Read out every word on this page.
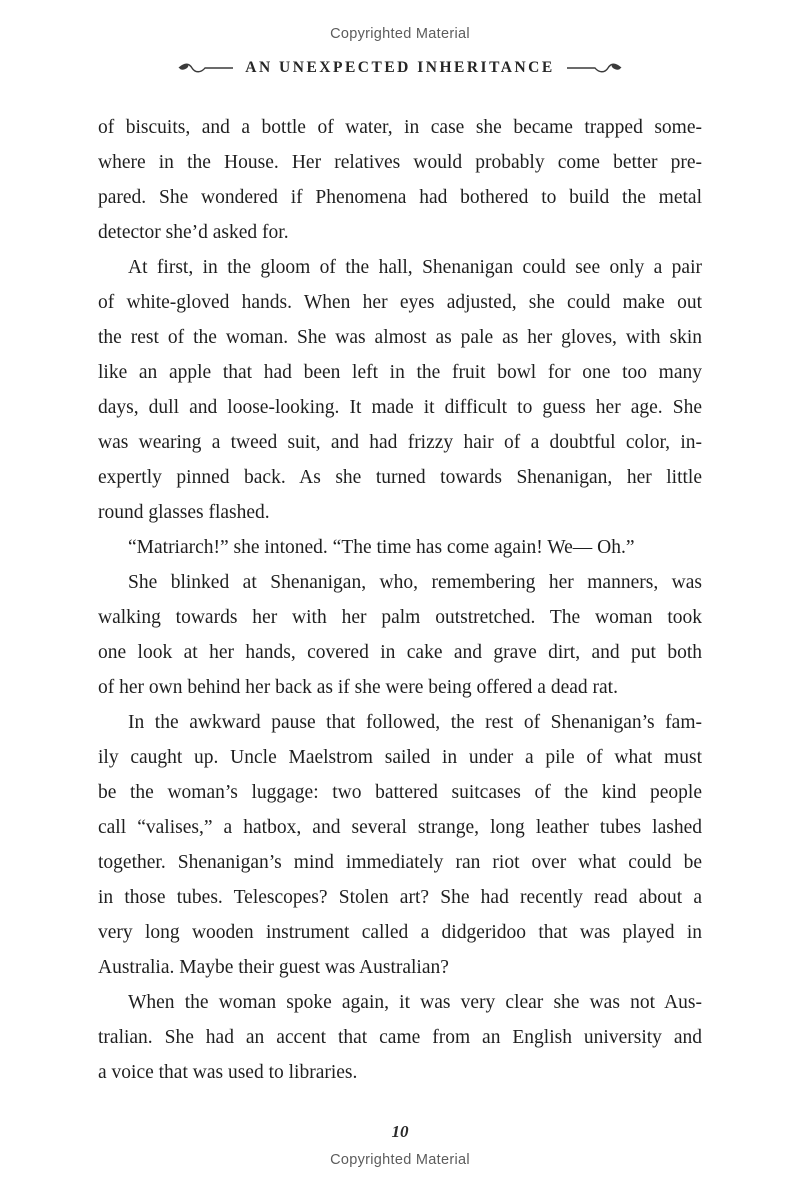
Copyrighted Material
AN UNEXPECTED INHERITANCE
of biscuits, and a bottle of water, in case she became trapped some-
where in the House. Her relatives would probably come better pre-
pared. She wondered if Phenomena had bothered to build the metal
detector she’d asked for.
At first, in the gloom of the hall, Shenanigan could see only a pair
of white-gloved hands. When her eyes adjusted, she could make out
the rest of the woman. She was almost as pale as her gloves, with skin
like an apple that had been left in the fruit bowl for one too many
days, dull and loose-looking. It made it difficult to guess her age. She
was wearing a tweed suit, and had frizzy hair of a doubtful color, in-
expertly pinned back. As she turned towards Shenanigan, her little
round glasses flashed.
“Matriarch!” she intoned. “The time has come again! We— Oh.”
She blinked at Shenanigan, who, remembering her manners, was
walking towards her with her palm outstretched. The woman took
one look at her hands, covered in cake and grave dirt, and put both
of her own behind her back as if she were being offered a dead rat.
In the awkward pause that followed, the rest of Shenanigan’s fam-
ily caught up. Uncle Maelstrom sailed in under a pile of what must
be the woman’s luggage: two battered suitcases of the kind people
call “valises,” a hatbox, and several strange, long leather tubes lashed
together. Shenanigan’s mind immediately ran riot over what could be
in those tubes. Telescopes? Stolen art? She had recently read about a
very long wooden instrument called a didgeridoo that was played in
Australia. Maybe their guest was Australian?
When the woman spoke again, it was very clear she was not Aus-
tralian. She had an accent that came from an English university and
a voice that was used to libraries.
10
Copyrighted Material
